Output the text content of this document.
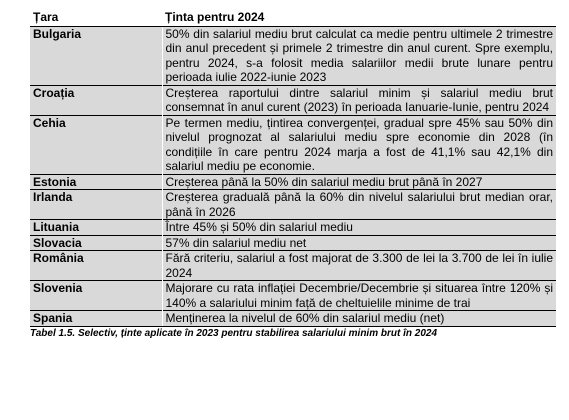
Țara	Ținta pentru 2024
Bulgaria	50% din salariul mediu brut calculat ca medie pentru ultimele 2 trimestre din anul precedent și primele 2 trimestre din anul curent. Spre exemplu, pentru 2024, s-a folosit media salariilor medii brute lunare pentru perioada iulie 2022-iunie 2023
Croația	Creșterea raportului dintre salariul minim și salariul mediu brut consemnat în anul curent (2023) în perioada Ianuarie-Iunie, pentru 2024
Cehia	Pe termen mediu, țintirea convergenței, gradual spre 45% sau 50% din nivelul prognozat al salariului mediu spre economie din 2028 (în condițiile în care pentru 2024 marja a fost de 41,1% sau 42,1% din salariul mediu pe economie.
Estonia	Creșterea până la 50% din salariul mediu brut până în 2027
Irlanda	Creșterea graduală până la 60% din nivelul salariului brut median orar, până în 2026
Lituania	Între 45% și 50% din salariul mediu
Slovacia	57% din salariul mediu net
România	Fără criteriu, salariul a fost majorat de 3.300 de lei la 3.700 de lei în iulie 2024
Slovenia	Majorare cu rata inflației Decembrie/Decembrie și situarea între 120% și 140% a salariului minim față de cheltuielile minime de trai
Spania	Menținerea la nivelul de 60% din salariul mediu (net)
Tabel 1.5. Selectiv, ținte aplicate în 2023 pentru stabilirea salariului minim brut în 2024
